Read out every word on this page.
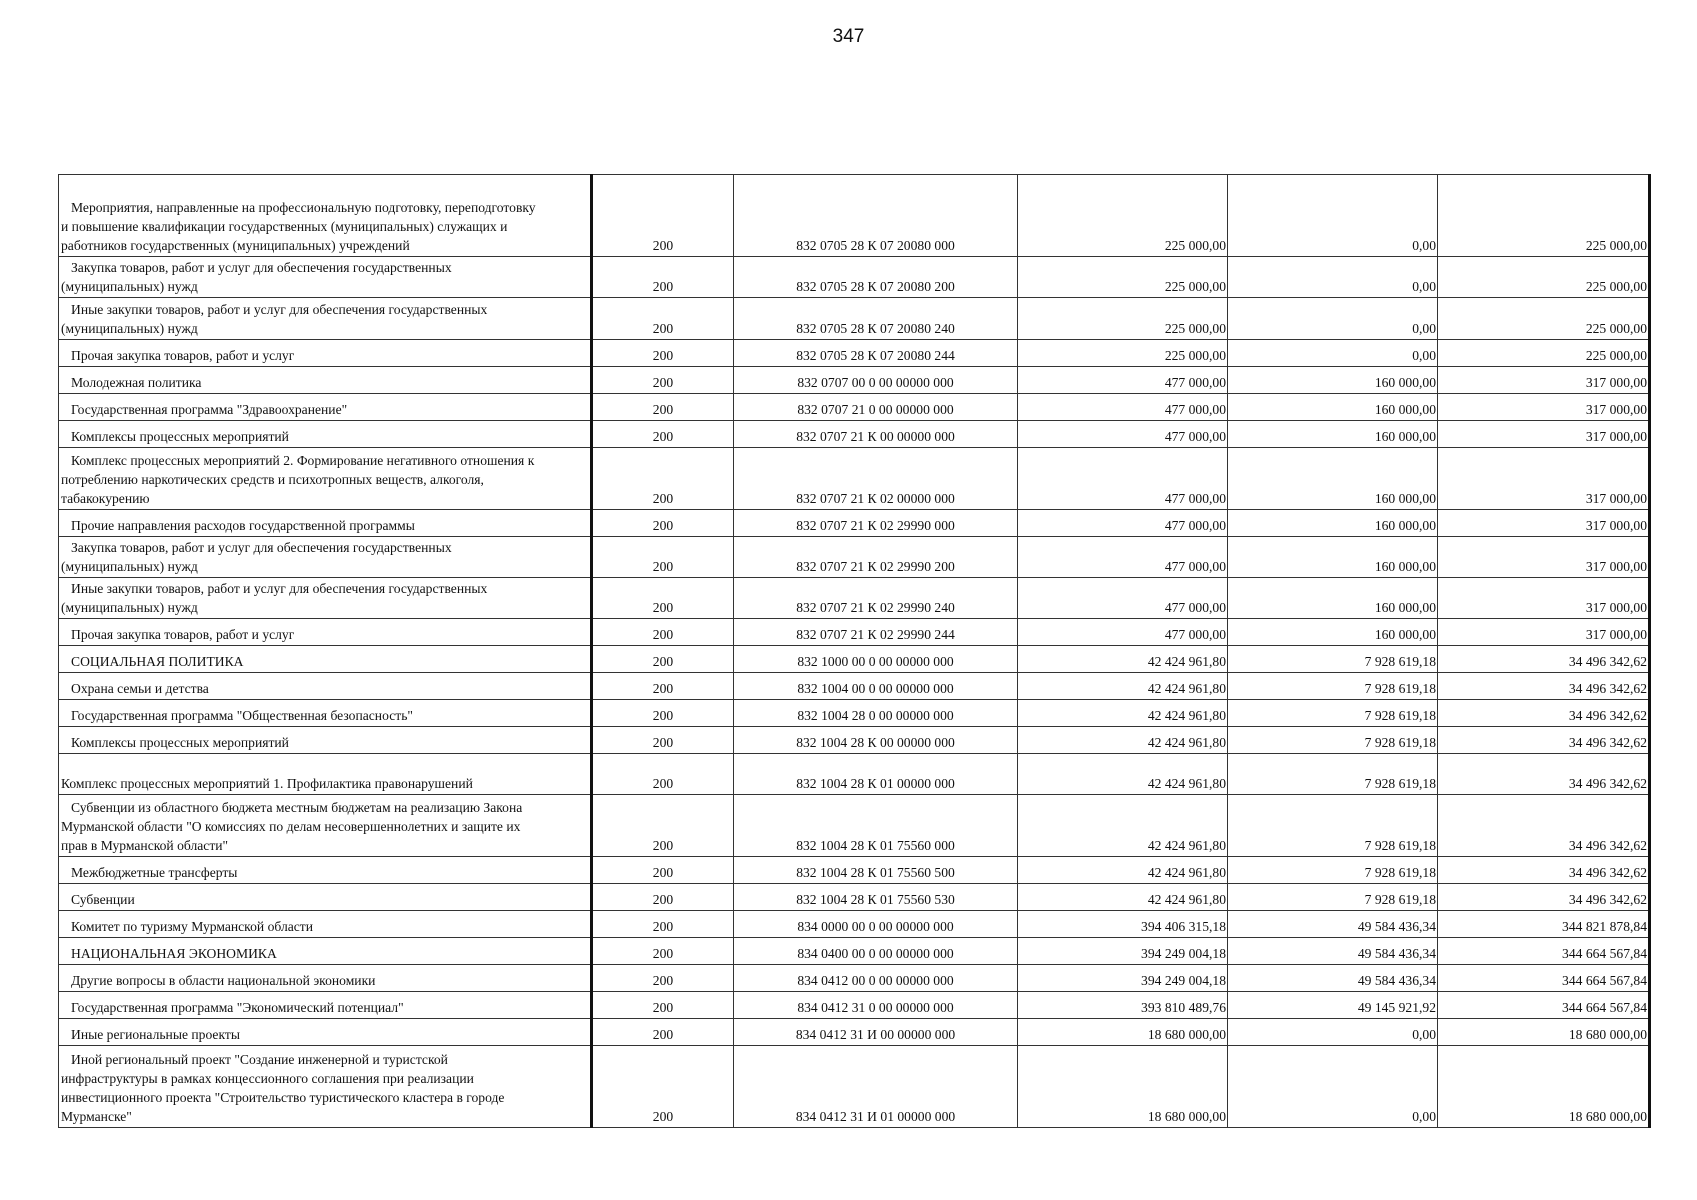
347
Мероприятия, направленные на профессиональную подготовку, переподготовку
и повышение квалификации государственных (муниципальных) служащих и
работников государственных (муниципальных) учреждений	200	832 0705 28 К 07 20080 000	225 000,00	0,00	225 000,00

Закупка товаров, работ и услуг для обеспечения государственных
(муниципальных) нужд	200	832 0705 28 К 07 20080 200	225 000,00	0,00	225 000,00

Иные закупки товаров, работ и услуг для обеспечения государственных
(муниципальных) нужд	200	832 0705 28 К 07 20080 240	225 000,00	0,00	225 000,00

Прочая закупка товаров, работ и услуг	200	832 0705 28 К 07 20080 244	225 000,00	0,00	225 000,00

Молодежная политика	200	832 0707 00 0 00 00000 000	477 000,00	160 000,00	317 000,00

Государственная программа "Здравоохранение"	200	832 0707 21 0 00 00000 000	477 000,00	160 000,00	317 000,00

Комплексы процессных мероприятий	200	832 0707 21 К 00 00000 000	477 000,00	160 000,00	317 000,00

Комплекс процессных мероприятий 2. Формирование негативного отношения к
потреблению наркотических средств и психотропных веществ, алкоголя,
табакокурению	200	832 0707 21 К 02 00000 000	477 000,00	160 000,00	317 000,00

Прочие направления расходов государственной программы	200	832 0707 21 К 02 29990 000	477 000,00	160 000,00	317 000,00

Закупка товаров, работ и услуг для обеспечения государственных
(муниципальных) нужд	200	832 0707 21 К 02 29990 200	477 000,00	160 000,00	317 000,00

Иные закупки товаров, работ и услуг для обеспечения государственных
(муниципальных) нужд	200	832 0707 21 К 02 29990 240	477 000,00	160 000,00	317 000,00

Прочая закупка товаров, работ и услуг	200	832 0707 21 К 02 29990 244	477 000,00	160 000,00	317 000,00

СОЦИАЛЬНАЯ ПОЛИТИКА	200	832 1000 00 0 00 00000 000	42 424 961,80	7 928 619,18	34 496 342,62

Охрана семьи и детства	200	832 1004 00 0 00 00000 000	42 424 961,80	7 928 619,18	34 496 342,62

Государственная программа "Общественная безопасность"	200	832 1004 28 0 00 00000 000	42 424 961,80	7 928 619,18	34 496 342,62

Комплексы процессных мероприятий	200	832 1004 28 К 00 00000 000	42 424 961,80	7 928 619,18	34 496 342,62

Комплекс процессных мероприятий 1. Профилактика правонарушений	200	832 1004 28 К 01 00000 000	42 424 961,80	7 928 619,18	34 496 342,62

Субвенции из областного бюджета местным бюджетам на реализацию Закона
Мурманской области "О комиссиях по делам несовершеннолетних и защите их
прав в Мурманской области"	200	832 1004 28 К 01 75560 000	42 424 961,80	7 928 619,18	34 496 342,62

Межбюджетные трансферты	200	832 1004 28 К 01 75560 500	42 424 961,80	7 928 619,18	34 496 342,62

Субвенции	200	832 1004 28 К 01 75560 530	42 424 961,80	7 928 619,18	34 496 342,62

Комитет по туризму Мурманской области	200	834 0000 00 0 00 00000 000	394 406 315,18	49 584 436,34	344 821 878,84

НАЦИОНАЛЬНАЯ ЭКОНОМИКА	200	834 0400 00 0 00 00000 000	394 249 004,18	49 584 436,34	344 664 567,84

Другие вопросы в области национальной экономики	200	834 0412 00 0 00 00000 000	394 249 004,18	49 584 436,34	344 664 567,84

Государственная программа "Экономический потенциал"	200	834 0412 31 0 00 00000 000	393 810 489,76	49 145 921,92	344 664 567,84

Иные региональные проекты	200	834 0412 31 И 00 00000 000	18 680 000,00	0,00	18 680 000,00

Иной региональный проект "Создание инженерной и туристской
инфраструктуры в рамках концессионного соглашения при реализации
инвестиционного проекта "Строительство туристического кластера в городе
Мурманске"	200	834 0412 31 И 01 00000 000	18 680 000,00	0,00	18 680 000,00
